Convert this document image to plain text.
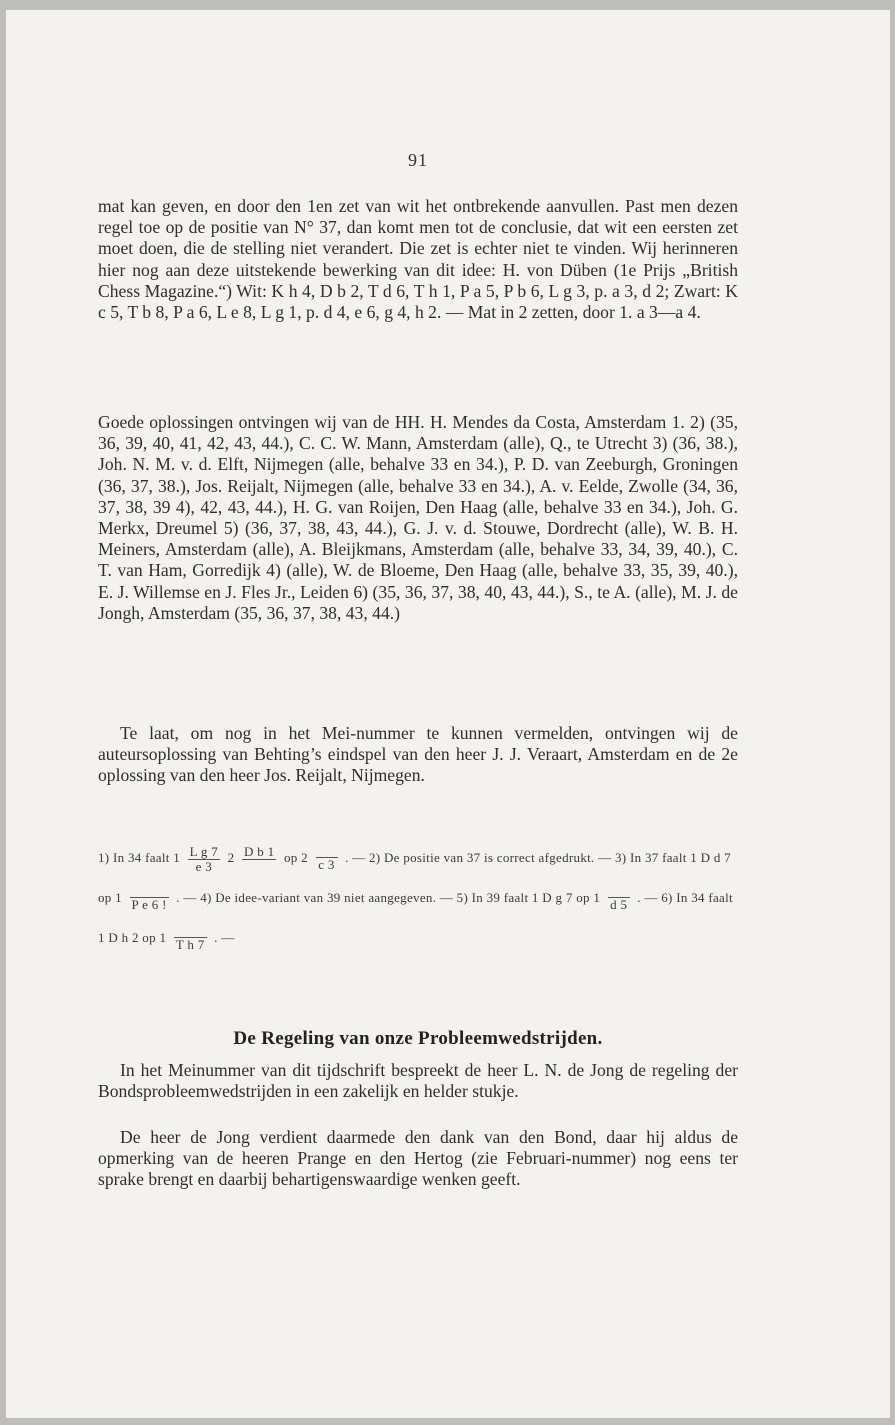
91

mat kan geven, en door den 1en zet van wit het ontbrekende aanvullen. Past men dezen regel toe op de positie van N° 37, dan komt men tot de conclusie, dat wit een eersten zet moet doen, die de stelling niet verandert. Die zet is echter niet te vinden. Wij herinneren hier nog aan deze uitstekende bewerking van dit idee: H. von Düben (1e Prijs „British Chess Magazine.“) Wit: K h 4, D b 2, T d 6, T h 1, P a 5, P b 6, L g 3, p. a 3, d 2; Zwart: K c 5, T b 8, P a 6, L e 8, L g 1, p. d 4, e 6, g 4, h 2. — Mat in 2 zetten, door 1. a 3—a 4.

Goede oplossingen ontvingen wij van de HH. H. Mendes da Costa, Amsterdam 1. 2) (35, 36, 39, 40, 41, 42, 43, 44.), C. C. W. Mann, Amsterdam (alle), Q., te Utrecht 3) (36, 38.), Joh. N. M. v. d. Elft, Nijmegen (alle, behalve 33 en 34.), P. D. van Zeeburgh, Groningen (36, 37, 38.), Jos. Reijalt, Nijmegen (alle, behalve 33 en 34.), A. v. Eelde, Zwolle (34, 36, 37, 38, 39 4), 42, 43, 44.), H. G. van Roijen, Den Haag (alle, behalve 33 en 34.), Joh. G. Merkx, Dreumel 5) (36, 37, 38, 43, 44.), G. J. v. d. Stouwe, Dordrecht (alle), W. B. H. Meiners, Amsterdam (alle), A. Bleijkmans, Amsterdam (alle, behalve 33, 34, 39, 40.), C. T. van Ham, Gorredijk 4) (alle), W. de Bloeme, Den Haag (alle, behalve 33, 35, 39, 40.), E. J. Willemse en J. Fles Jr., Leiden 6) (35, 36, 37, 38, 40, 43, 44.), S., te A. (alle), M. J. de Jongh, Amsterdam (35, 36, 37, 38, 43, 44.)

Te laat, om nog in het Mei-nummer te kunnen vermelden, ontvingen wij de auteursoplossing van Behting’s eindspel van den heer J. J. Veraart, Amsterdam en de 2e oplossing van den heer Jos. Reijalt, Nijmegen.

1) In 34 faalt $1 \frac{\text{L g 7}}{e 3} 2$ D b 1
op 2 c 3 . — 2) De positie van 37 is correct afgedrukt. — 3) In 37 faalt 1 D d 7 op 1 P e 6 ! . — 4) De idee-variant van 39 niet aangegeven. — 5) In 39 faalt 1 D g 7 op 1 d 5 . — 6) In 34 faalt 1 D h 2 op 1 T h 7 . —
De Regeling van onze Probleemwedstrijden.

In het Meinummer van dit tijdschrift bespreekt de heer L. N. de Jong de regeling der Bondsprobleemwedstrijden in een zakelijk en helder stukje.

De heer de Jong verdient daarmede den dank van den Bond, daar hij aldus de opmerking van de heeren Prange en den Hertog (zie Februari-nummer) nog eens ter sprake brengt en daarbij behartigenswaardige wenken geeft.
